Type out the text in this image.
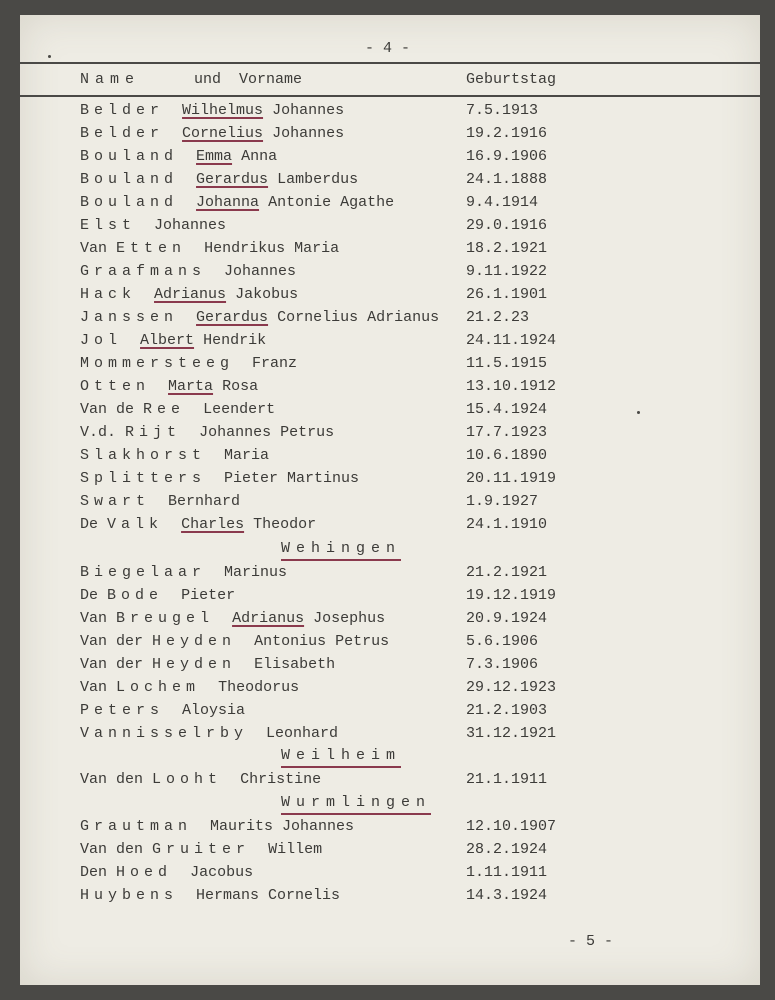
- 4 -
Name	und  Vorname	Geburtstag
Belder Wilhelmus Johannes	7.5.1913
Belder Cornelius Johannes	19.2.1916
Bouland Emma Anna	16.9.1906
Bouland Gerardus Lamberdus	24.1.1888
Bouland Johanna Antonie Agathe	9.4.1914
Elst Johannes	29.0.1916
Van Etten Hendrikus Maria	18.2.1921
Graafmans Johannes	9.11.1922
Hack Adrianus Jakobus	26.1.1901
Janssen Gerardus Cornelius Adrianus 21.2.23
Jol Albert Hendrik	24.11.1924
Mommersteeg Franz	11.5.1915
Otten Marta Rosa	13.10.1912
Van de Ree Leendert	15.4.1924
V.d. Rijt Johannes Petrus	17.7.1923
Slakhorst Maria	10.6.1890
Splitters Pieter Martinus	20.11.1919
Swart Bernhard	1.9.1927
De Valk Charles Theodor	24.1.1910
Biegelaar Marinus	21.2.1921
De Bode Pieter	19.12.1919
Van Breugel Adrianus Josephus	20.9.1924
Van der Heyden Antonius Petrus	5.6.1906
Van der Heyden Elisabeth	7.3.1906
Van Lochem Theodorus	29.12.1923
Peters Aloysia	21.2.1903
Vannisselrby Leonhard	31.12.1921
Van den Looht Christine	21.1.1911
Grautman Maurits Johannes	12.10.1907
Van den Gruiter Willem	28.2.1924
Den Hoed Jacobus	1.11.1911
Huybens Hermans Cornelis	14.3.1924
Wehingen
Weilheim
Wurmlingen
- 5 -
